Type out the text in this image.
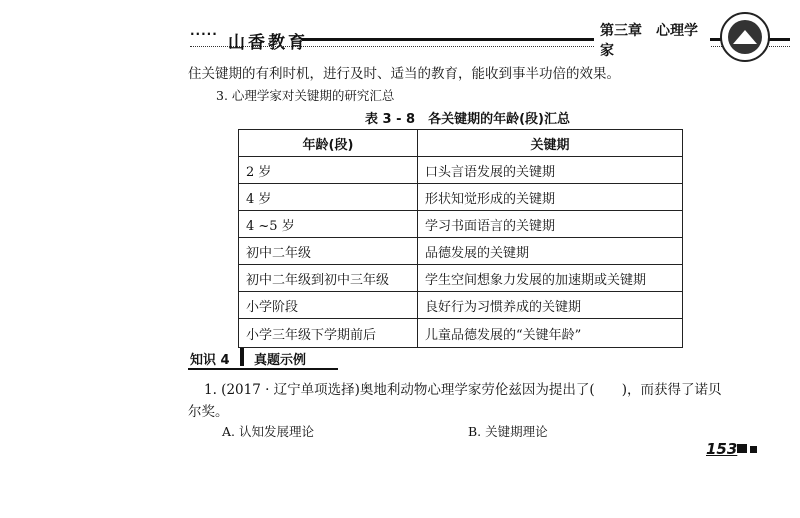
.....
山香教育
第三章　心理学家
住关键期的有利时机，进行及时、适当的教育，能收到事半功倍的效果。
3. 心理学家对关键期的研究汇总
表 3 - 8　各关键期的年龄(段)汇总
年龄(段)	关键期
2 岁	口头言语发展的关键期
4 岁	形状知觉形成的关键期
4 ~5 岁	学习书面语言的关键期
初中二年级	品德发展的关键期
初中二年级到初中三年级	学生空间想象力发展的加速期或关键期
小学阶段	良好行为习惯养成的关键期
小学三年级下学期前后	儿童品德发展的“关键年龄”
知识 4 真题示例
1. (2017 · 辽宁单项选择)奥地利动物心理学家劳伦兹因为提出了(　　)，而获得了诺贝
尔奖。
A. 认知发展理论	B. 关键期理论
153
